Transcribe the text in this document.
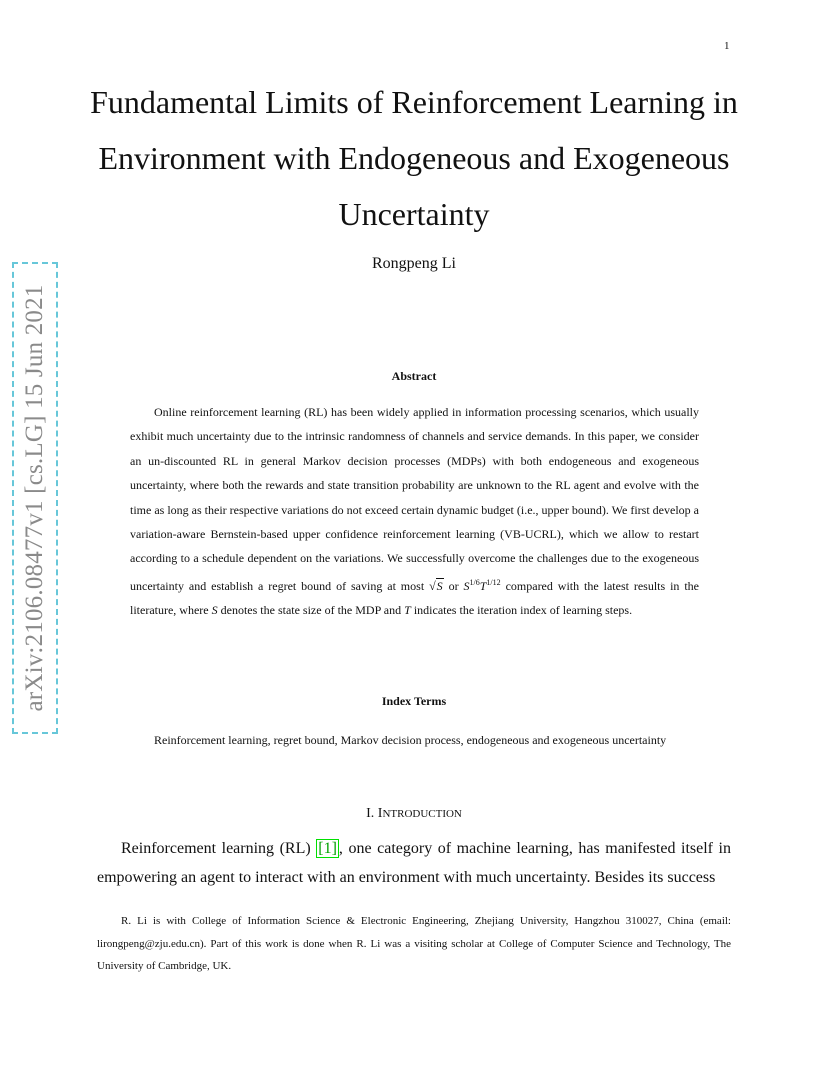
1
Fundamental Limits of Reinforcement Learning in Environment with Endogeneous and Exogeneous Uncertainty
Rongpeng Li
arXiv:2106.08477v1 [cs.LG] 15 Jun 2021	Abstract

Online reinforcement learning (RL) has been widely applied in information processing scenarios, which usually exhibit much uncertainty due to the intrinsic randomness of channels and service demands. In this paper, we consider an un-discounted RL in general Markov decision processes (MDPs) with both endogeneous and exogeneous uncertainty, where both the rewards and state transition probability are unknown to the RL agent and evolve with the time as long as their respective variations do not exceed certain dynamic budget (i.e., upper bound). We first develop a variation-aware Bernstein-based upper confidence reinforcement learning (VB-UCRL), which we allow to restart according to a schedule dependent on the variations. We successfully overcome the challenges due to the exogeneous uncertainty and establish a regret bound of saving at most √S or $S^{1/6}T^{1/12}$ compared with the latest results in the literature, where S denotes the state size of the MDP and T indicates the iteration index of learning steps.

Index Terms

Reinforcement learning, regret bound, Markov decision process, endogeneous and exogeneous uncertainty

I. INTRODUCTION

Reinforcement learning (RL) [1] , one category of machine learning, has manifested itself in empowering an agent to interact with an environment with much uncertainty. Besides its success

R. Li is with College of Information Science & Electronic Engineering, Zhejiang University, Hangzhou 310027, China (email: lirongpeng@zju.edu.cn). Part of this work is done when R. Li was a visiting scholar at College of Computer Science and Technology, The University of Cambridge, UK.
